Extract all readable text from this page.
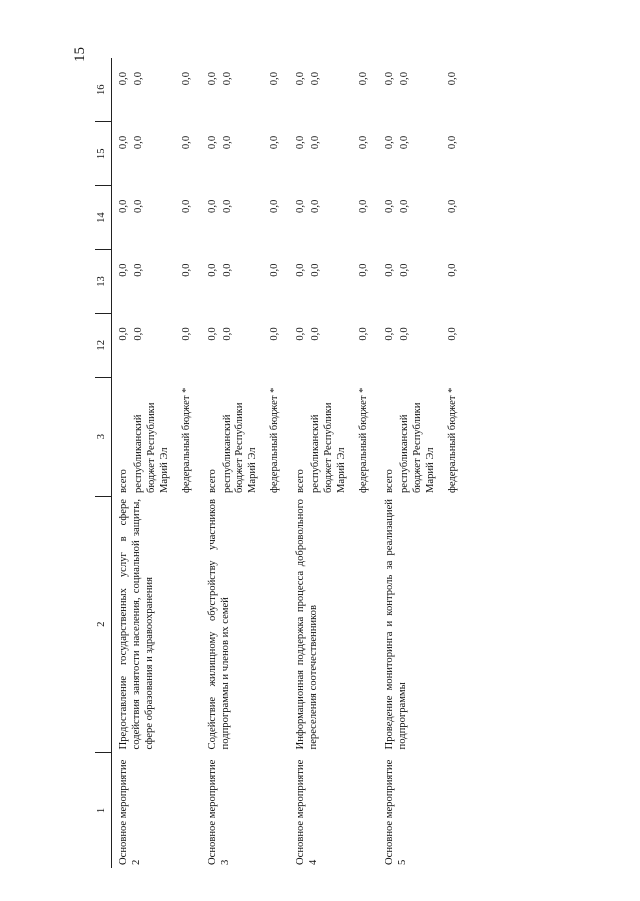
15
1	2	3	12	13	14	15	16
Основное мероприятие 2	Предоставление государственных услуг в сфере содействия занятости населения, социальной защиты, сфере образования и здравоохранения	всего	0,0	0,0	0,0	0,0	0,0
		республиканский бюджет Республики Марий Эл	0,0	0,0	0,0	0,0	0,0
		федеральный бюджет *	0,0	0,0	0,0	0,0	0,0

Основное мероприятие 3	Содействие жилищному обустройству участников подпрограммы и членов их семей	всего	0,0	0,0	0,0	0,0	0,0
		республиканский бюджет Республики Марий Эл	0,0	0,0	0,0	0,0	0,0
		федеральный бюджет *	0,0	0,0	0,0	0,0	0,0

Основное мероприятие 4	Информационная поддержка процесса добровольного переселения соотечественников	всего	0,0	0,0	0,0	0,0	0,0
		республиканский бюджет Республики Марий Эл	0,0	0,0	0,0	0,0	0,0
		федеральный бюджет *	0,0	0,0	0,0	0,0	0,0

Основное мероприятие 5	Проведение мониторинга и контроль за реализацией подпрограммы	всего	0,0	0,0	0,0	0,0	0,0
		республиканский бюджет Республики Марий Эл	0,0	0,0	0,0	0,0	0,0
		федеральный бюджет *	0,0	0,0	0,0	0,0	0,0
